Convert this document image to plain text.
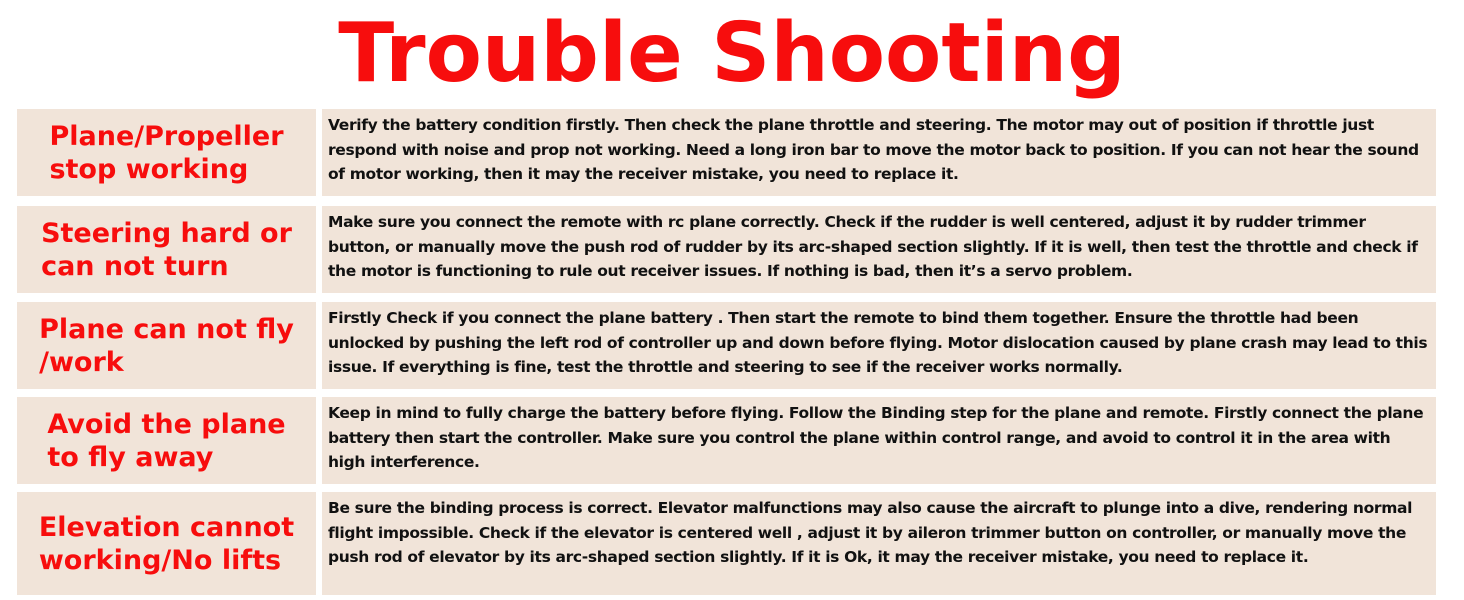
Trouble Shooting
Plane/Propeller
stop working
Verify the battery condition firstly. Then check the plane throttle and steering. The motor may out of position if throttle just respond with noise and prop not working. Need a long iron bar to move the motor back to position. If you can not hear the sound of motor working, then it may the receiver mistake, you need to replace it.
Steering hard or
can not turn
Make sure you connect the remote with rc plane correctly. Check if the rudder is well centered, adjust it by rudder trimmer button, or manually move the push rod of rudder by its arc-shaped section slightly. If it is well, then test the throttle and check if the motor is functioning to rule out receiver issues. If nothing is bad, then it’s a servo problem.
Plane can not fly
/work
Firstly Check if you connect the plane battery . Then start the remote to bind them together. Ensure the throttle had been unlocked by pushing the left rod of controller up and down before flying. Motor dislocation caused by plane crash may lead to this issue. If everything is fine, test the throttle and steering to see if the receiver works normally.
Avoid the plane
to fly away
Keep in mind to fully charge the battery before flying. Follow the Binding step for the plane and remote. Firstly connect the plane battery then start the controller. Make sure you control the plane within control range, and avoid to control it in the area with high interference.
Elevation cannot
working/No lifts
Be sure the binding process is correct. Elevator malfunctions may also cause the aircraft to plunge into a dive, rendering normal flight impossible. Check if the elevator is centered well , adjust it by aileron trimmer button on controller, or manually move the push rod of elevator by its arc-shaped section slightly. If it is Ok, it may the receiver mistake, you need to replace it.
